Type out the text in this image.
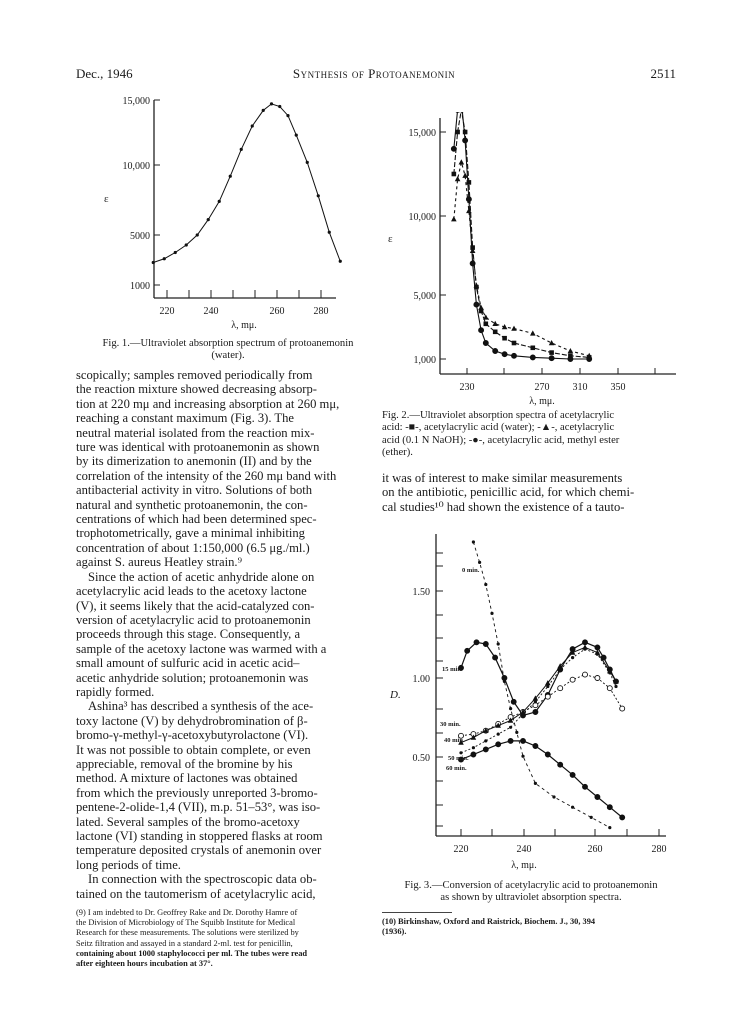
Dec., 1946	Synthesis of Protoanemonin	2511
15,000
10,000
5000
1000
ε
220	240	260	280
λ, mμ.
Fig. 1.—Ultraviolet absorption spectrum of protoanemonin
(water).
15,000
10,000
5,000
1,000
ε
230	270 310 350
λ, mμ.
Fig. 2.—Ultraviolet absorption spectra of acetylacrylic
acid: -■-, acetylacrylic acid (water); -▲-, acetylacrylic
acid (0.1 N NaOH); -●-, acetylacrylic acid, methyl ester
(ether).

it was of interest to make similar measurements

on the antibiotic, penicillic acid, for which chemi-

cal studies¹⁰ had shown the existence of a tauto-

1.50
1.00
0.50
D.
220	240	260	280
λ, mμ.
0 min.
15 min.
30 min.
40 min.
50 min.
60 min.
Fig. 3.—Conversion of acetylacrylic acid to protoanemonin
as shown by ultraviolet absorption spectra.

scopically; samples removed periodically from

the reaction mixture showed decreasing absorp-

tion at 220 mμ and increasing absorption at 260 mμ,

reaching a constant maximum (Fig. 3). The

neutral material isolated from the reaction mix-

ture was identical with protoanemonin as shown

by its dimerization to anemonin (II) and by the

correlation of the intensity of the 260 mμ band with

antibacterial activity in vitro. Solutions of both

natural and synthetic protoanemonin, the con-

centrations of which had been determined spec-

trophotometrically, gave a minimal inhibiting

concentration of about 1:150,000 (6.5 μg./ml.)

against S. aureus Heatley strain.⁹

Since the action of acetic anhydride alone on

acetylacrylic acid leads to the acetoxy lactone

(V), it seems likely that the acid-catalyzed con-

version of acetylacrylic acid to protoanemonin

proceeds through this stage. Consequently, a

sample of the acetoxy lactone was warmed with a

small amount of sulfuric acid in acetic acid–

acetic anhydride solution; protoanemonin was

rapidly formed.

Ashina³ has described a synthesis of the ace-

toxy lactone (V) by dehydrobromination of β-

bromo-γ-methyl-γ-acetoxybutyrolactone (VI).

It was not possible to obtain complete, or even

appreciable, removal of the bromine by his

method. A mixture of lactones was obtained

from which the previously unreported 3-bromo-

pentene-2-olide-1,4 (VII), m.p. 51–53°, was iso-

lated. Several samples of the bromo-acetoxy

lactone (VI) standing in stoppered flasks at room

temperature deposited crystals of anemonin over

long periods of time.

In connection with the spectroscopic data ob-

tained on the tautomerism of acetylacrylic acid,

(9) I am indebted to Dr. Geoffrey Rake and Dr. Dorothy Hamre of
the Division of Microbiology of The Squibb Institute for Medical
Research for these measurements. The solutions were sterilized by
Seitz filtration and assayed in a standard 2-ml. test for penicillin,
containing about 1000 staphylococci per ml. The tubes were read
after eighteen hours incubation at 37°.
(10) Birkinshaw, Oxford and Raistrick, Biochem. J., 30, 394
(1936).
